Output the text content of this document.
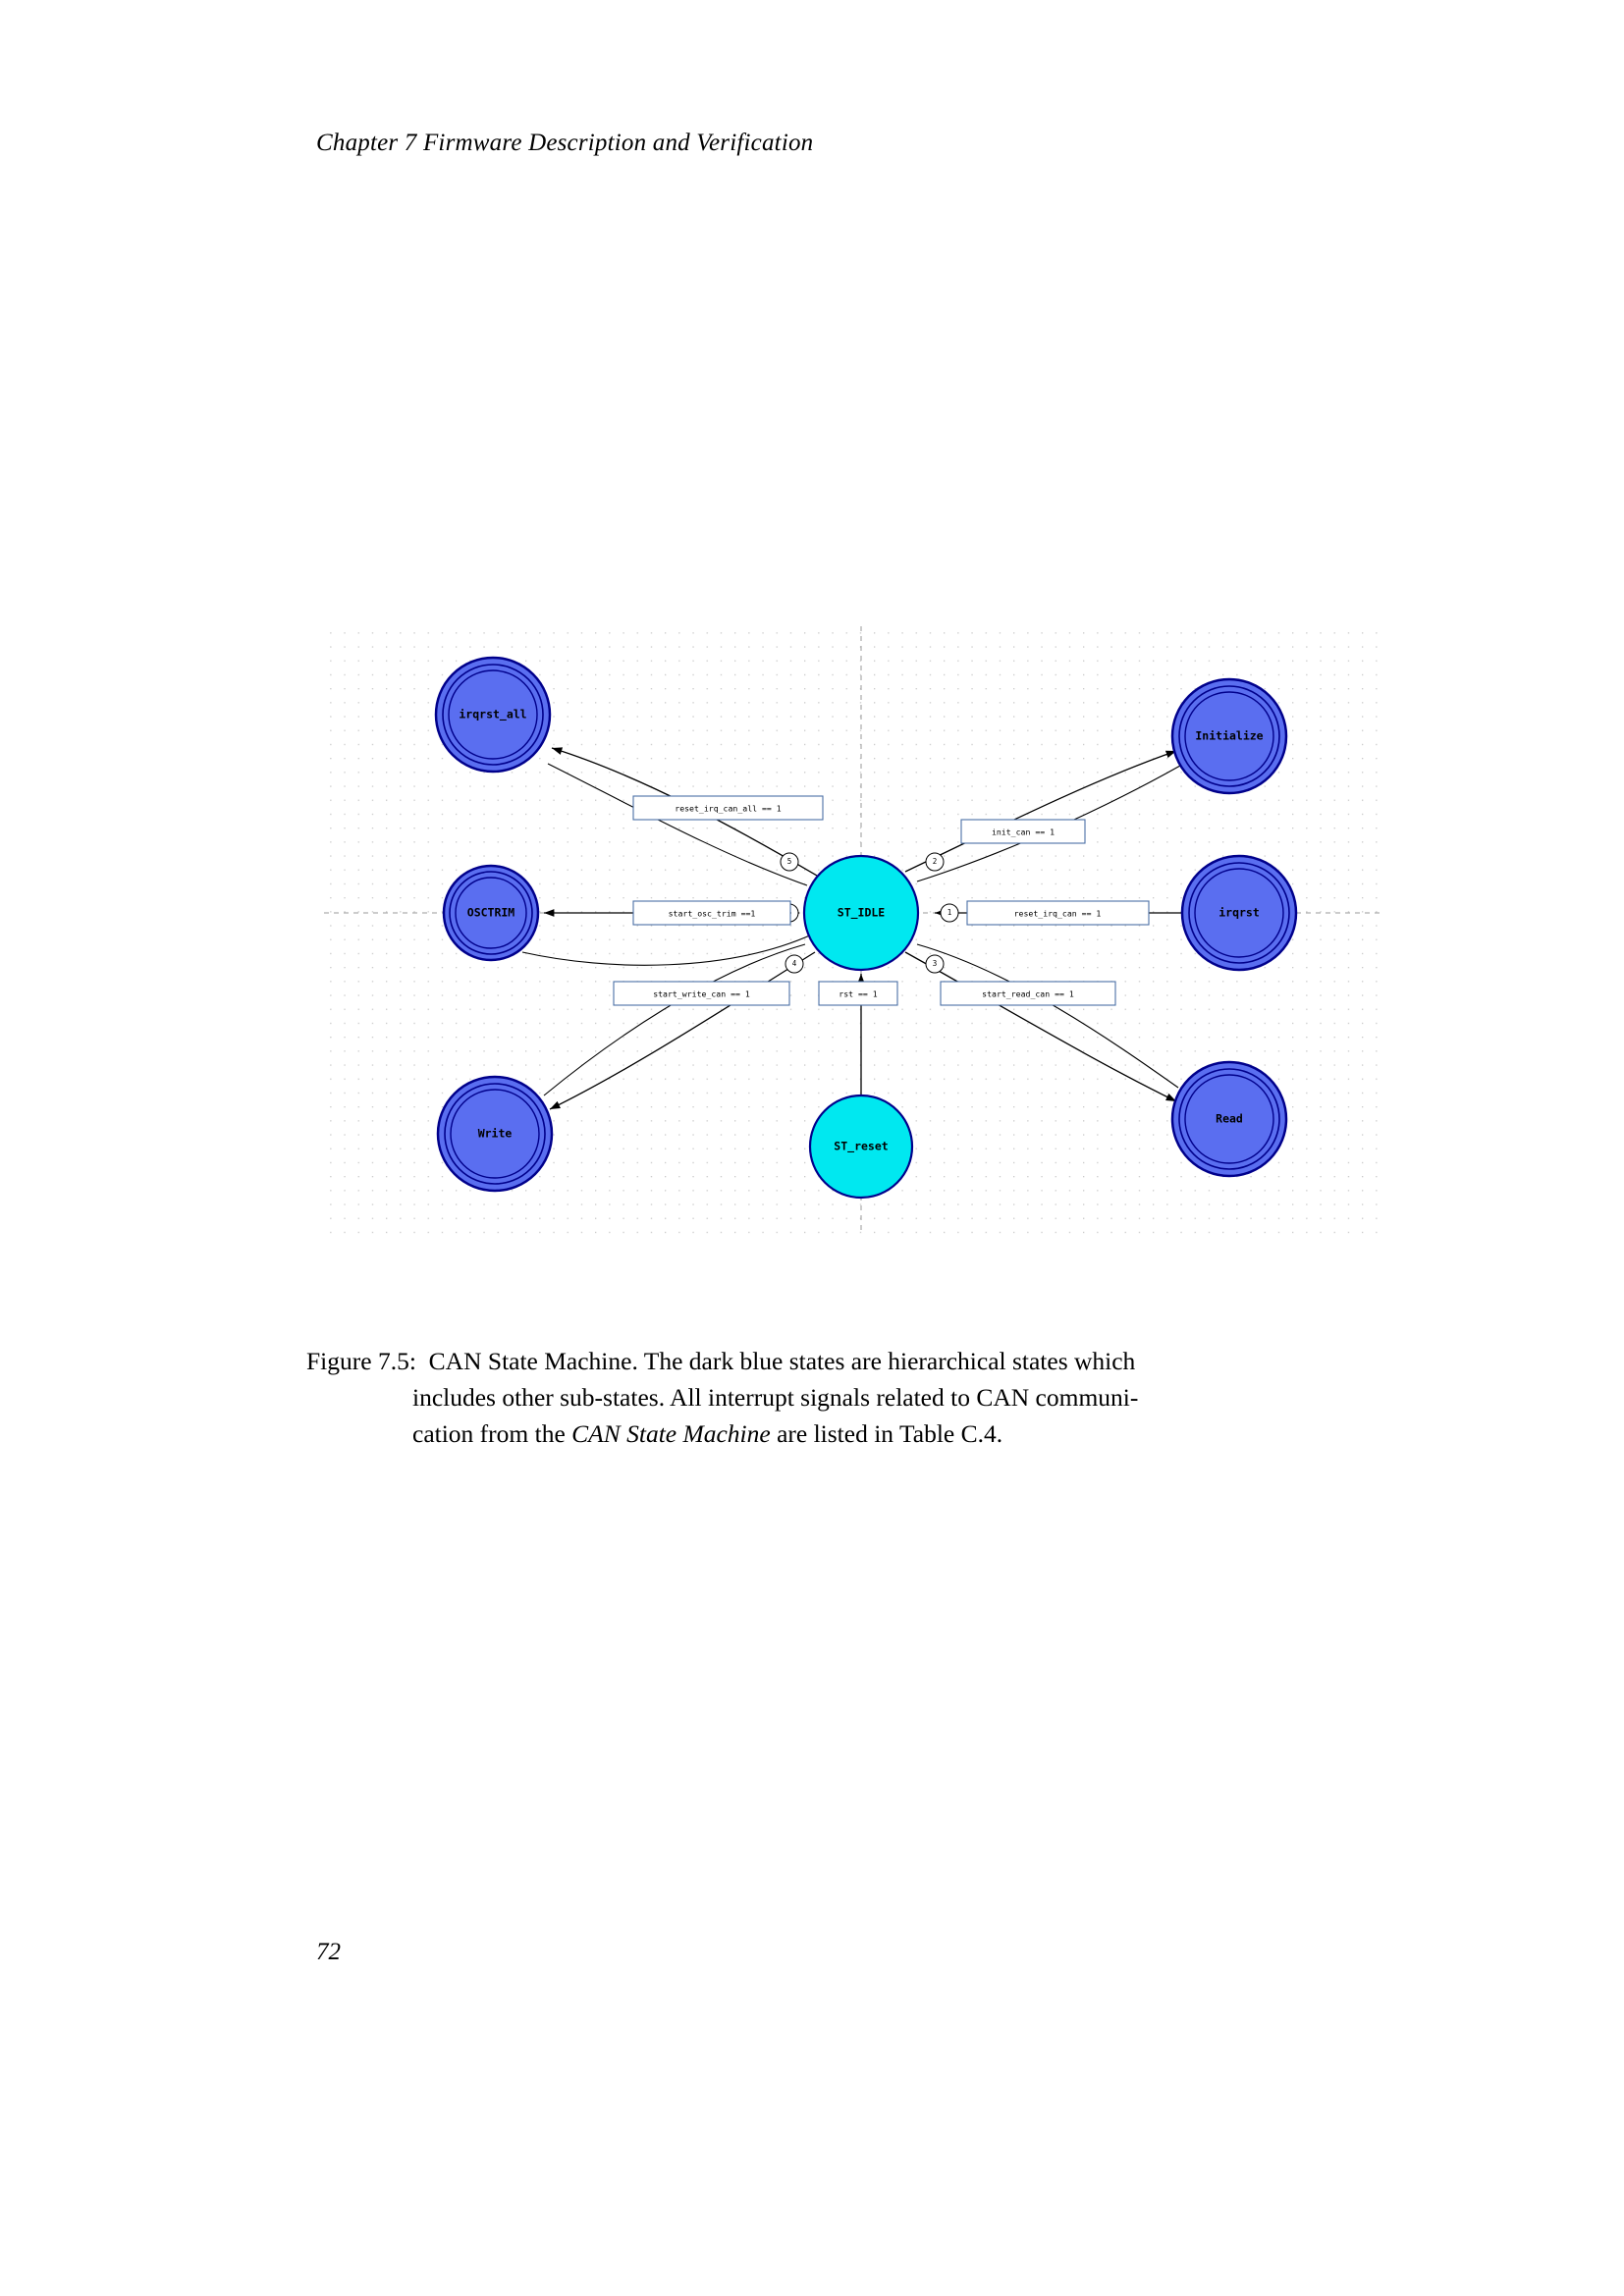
Chapter 7 Firmware Description and Verification
irqrst_all
Initialize
OSCTRIM	ST_IDLE	irqrst
Write
ST_reset
Read
1
2
3
4
5
reset_irq_can_all == 1
init_can == 1
start_osc_trim ==1	reset_irq_can == 1
start_write_can == 1	rst == 1	start_read_can == 1
Figure 7.5: CAN State Machine. The dark blue states are hierarchical states which
includes other sub-states. All interrupt signals related to CAN communi-
cation from the CAN State Machine are listed in Table C.4.
72
